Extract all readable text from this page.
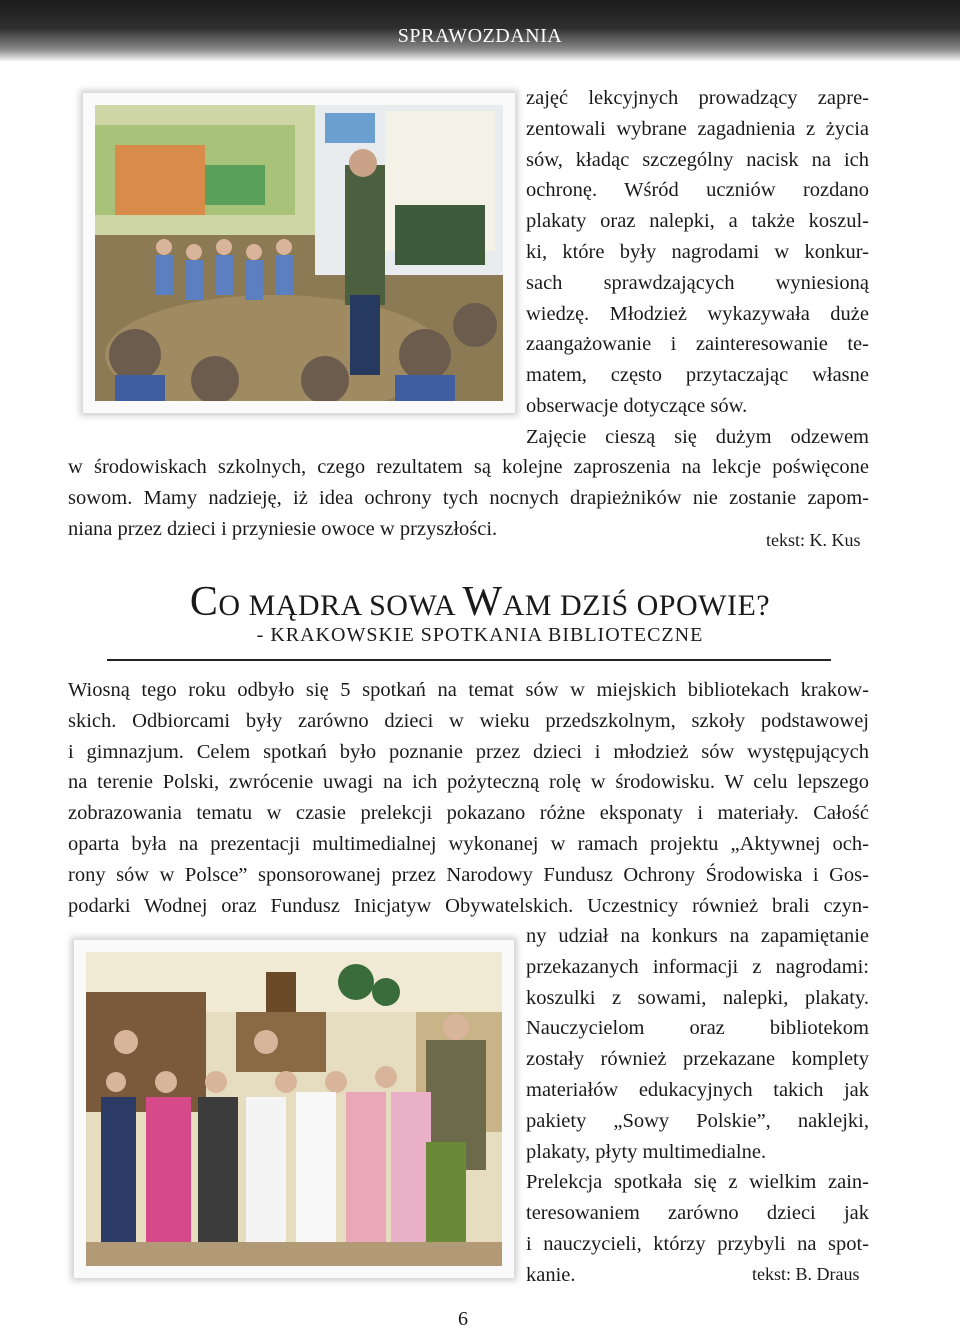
SPRAWOZDANIA
zajęć lekcyjnych prowadzący zapre-
zentowali wybrane zagadnienia z życia
sów, kładąc szczególny nacisk na ich
ochronę. Wśród uczniów rozdano
plakaty oraz nalepki, a także koszul-
ki, które były nagrodami w konkur-
sach sprawdzających wyniesioną
wiedzę. Młodzież wykazywała duże
zaangażowanie i zainteresowanie te-
matem, często przytaczając własne
obserwacje dotyczące sów.
Zajęcie cieszą się dużym odzewem
w środowiskach szkolnych, czego rezultatem są kolejne zaproszenia na lekcje poświęcone
sowom. Mamy nadzieję, iż idea ochrony tych nocnych drapieżników nie zostanie zapom-
niana przez dzieci i przyniesie owoce w przyszłości.
tekst: K. Kus
CO MĄDRA SOWA WAM DZIŚ OPOWIE?
- KRAKOWSKIE SPOTKANIA BIBLIOTECZNE
Wiosną tego roku odbyło się 5 spotkań na temat sów w miejskich bibliotekach krakow-
skich. Odbiorcami były zarówno dzieci w wieku przedszkolnym, szkoły podstawowej
i gimnazjum. Celem spotkań było poznanie przez dzieci i młodzież sów występujących
na terenie Polski, zwrócenie uwagi na ich pożyteczną rolę w środowisku. W celu lepszego
zobrazowania tematu w czasie prelekcji pokazano różne eksponaty i materiały. Całość
oparta była na prezentacji multimedialnej wykonanej w ramach projektu „Aktywnej och-
rony sów w Polsce” sponsorowanej przez Narodowy Fundusz Ochrony Środowiska i Gos-
podarki Wodnej oraz Fundusz Inicjatyw Obywatelskich. Uczestnicy również brali czyn-
ny udział na konkurs na zapamiętanie
przekazanych informacji z nagrodami:
koszulki z sowami, nalepki, plakaty.
Nauczycielom oraz bibliotekom
zostały również przekazane komplety
materiałów edukacyjnych takich jak
pakiety „Sowy Polskie”, naklejki,
plakaty, płyty multimedialne.
Prelekcja spotkała się z wielkim zain-
teresowaniem zarówno dzieci jak
i nauczycieli, którzy przybyli na spot-
kanie.	tekst: B. Draus
6
